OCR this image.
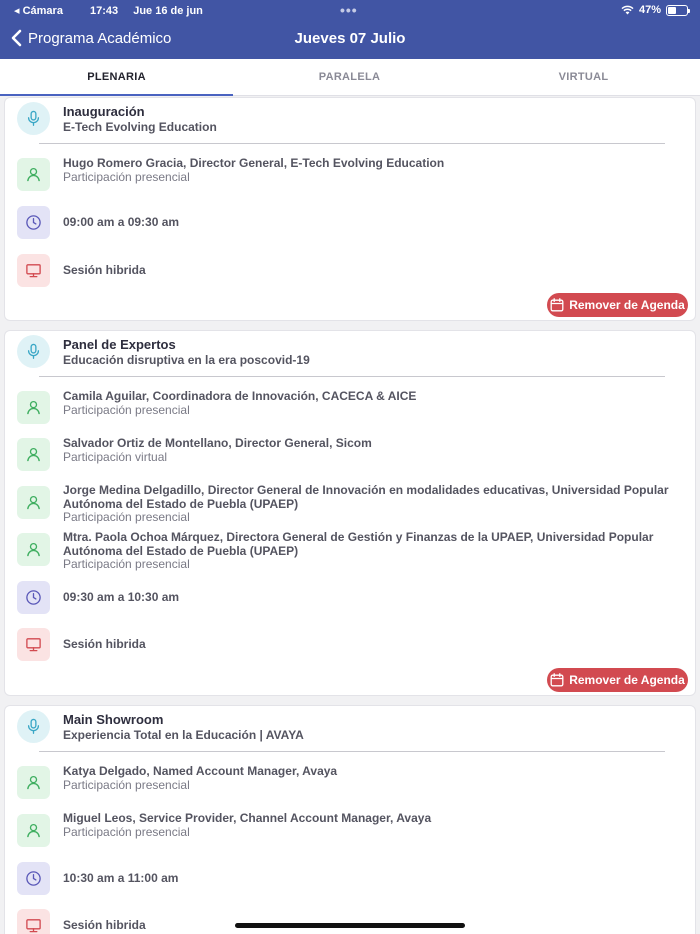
◂ Cámara 17:43 Jue 16 de jun	•••	47%
Programa Académico	Jueves 07 Julio
PLENARIA	PARALELA	VIRTUAL
Inauguración
E-Tech Evolving Education
Hugo Romero Gracia, Director General, E-Tech Evolving Education
Participación presencial
09:00 am a 09:30 am
Sesión hibrida
Remover de Agenda
Panel de Expertos
Educación disruptiva en la era poscovid-19
Camila Aguilar, Coordinadora de Innovación, CACECA & AICE
Participación presencial
Salvador Ortiz de Montellano, Director General, Sicom
Participación virtual
Jorge Medina Delgadillo, Director General de Innovación en modalidades educativas, Universidad Popular Autónoma del Estado de Puebla (UPAEP)
Participación presencial
Mtra. Paola Ochoa Márquez, Directora General de Gestión y Finanzas de la UPAEP, Universidad Popular Autónoma del Estado de Puebla (UPAEP)
Participación presencial
09:30 am a 10:30 am
Sesión hibrida
Remover de Agenda
Main Showroom
Experiencia Total en la Educación | AVAYA
Katya Delgado, Named Account Manager, Avaya
Participación presencial
Miguel Leos, Service Provider, Channel Account Manager, Avaya
Participación presencial
10:30 am a 11:00 am
Sesión hibrida
